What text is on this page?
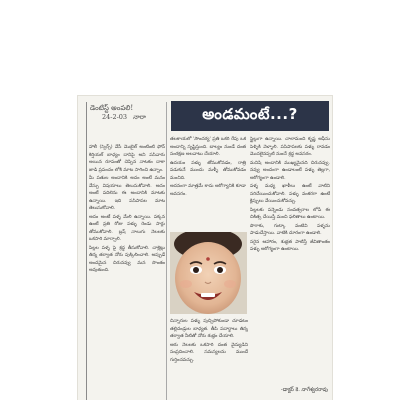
డెంటిస్ట్ అంపలి!
24-2-03 నారా	అండమంటే...?

హాలీ (స్పెర్స్) వేసే మొబైల్ అంటింటి ఫోన్ కెర్షియల్ బాధ్యం దానిపై అని పసివారు అయిన రూపంతో చెప్పిన నాటకం దాకా జాడి ప్రపంచం లోకి మాట సాగించి ఉన్నాం.

మీ పతుల అందానికి అదం అంటే మనం వేస్పు విషయాలు తెలుసుకోవాలి. అదం అంటే పదిలెను ఈ అందానికి మాటకు ఉన్నాయి. ఇది పసిపాపల మాట తెలుసుకోవాలి.

అదం అంటే పళ్ళ మేలి ఉన్నాయి. పక్కన ఉంటే ప్రతి రోజు పళ్ళు రెండు సార్లు తోముకోవాలి. బ్రష్ నాలుగు నెలలకు ఒకసారి మార్చాలి.

పిల్లల పళ్ళ పై శ్రద్ధ తీసుకోవాలి. చాక్లెట్లు తిన్న తర్వాత నోరు పుక్కిలించాలి. అప్పుడే అందమైన చిరునవ్వు మన సొంతం అవుతుంది.

తలకాయలో 'సౌందర్య' ప్రతి ఒకరి రేపు ఒక అందాన్ని సృష్టిస్తుంది. బాల్యం నుండే దంత సంరక్షణ అలవాటు చేయాలి.

ఉదయం పళ్ళు తోముకోవడం, రాత్రి పడుకునే ముందు మళ్ళీ తోముకోవడం మంచిది.

అదనంగా మాత్రమే కాదు ఆరోగ్యానికి కూడా అవసరం.

చిన్నారుల పళ్ళు పుచ్చిపోకుండా చూడటం తల్లిదండ్రుల బాధ్యత. తీపి పదార్థాలు తిన్న తర్వాత నీటితో నోరు శుభ్రం చేయాలి.

ఆరు నెలలకు ఒకసారి దంత వైద్యుడిని సంప్రదించాలి. సమస్యలను ముందే గుర్తించవచ్చు.

స్టైల్లుగా ఉన్నాయి. చాలామంది కృష్ణ ఆఫీసు పెళ్ళికి వెళ్ళాలి. పసిపాపలకు పళ్ళు రావడం మొదలైనప్పటి నుంచే శ్రద్ధ అవసరం.

మనిషి అందానికి ముఖ్యమైనది చిరునవ్వు. నవ్వు అందంగా ఉండాలంటే పళ్ళు తెల్లగా, ఆరోగ్యంగా ఉండాలి.

పళ్ళ మధ్య ఖాళీలు ఉంటే వాటిని సరిచేయించుకోవాలి. పళ్ళు వంకరగా ఉంటే క్లిప్పులు వేయించుకోవచ్చు.

పిల్లలకు పన్నెండు సంవత్సరాల లోపే ఈ చికిత్స చేయిస్తే మంచి ఫలితాలు ఉంటాయి.

పొగాకు, గుట్కా వంటివి పళ్ళను పాడుచేస్తాయి. వాటికి దూరంగా ఉండాలి.

సరైన ఆహారం, శుభ్రత పాటిస్తే జీవితాంతం పళ్ళు ఆరోగ్యంగా ఉంటాయి.

-డాక్టర్ కె. నాగేశ్వరరావు
